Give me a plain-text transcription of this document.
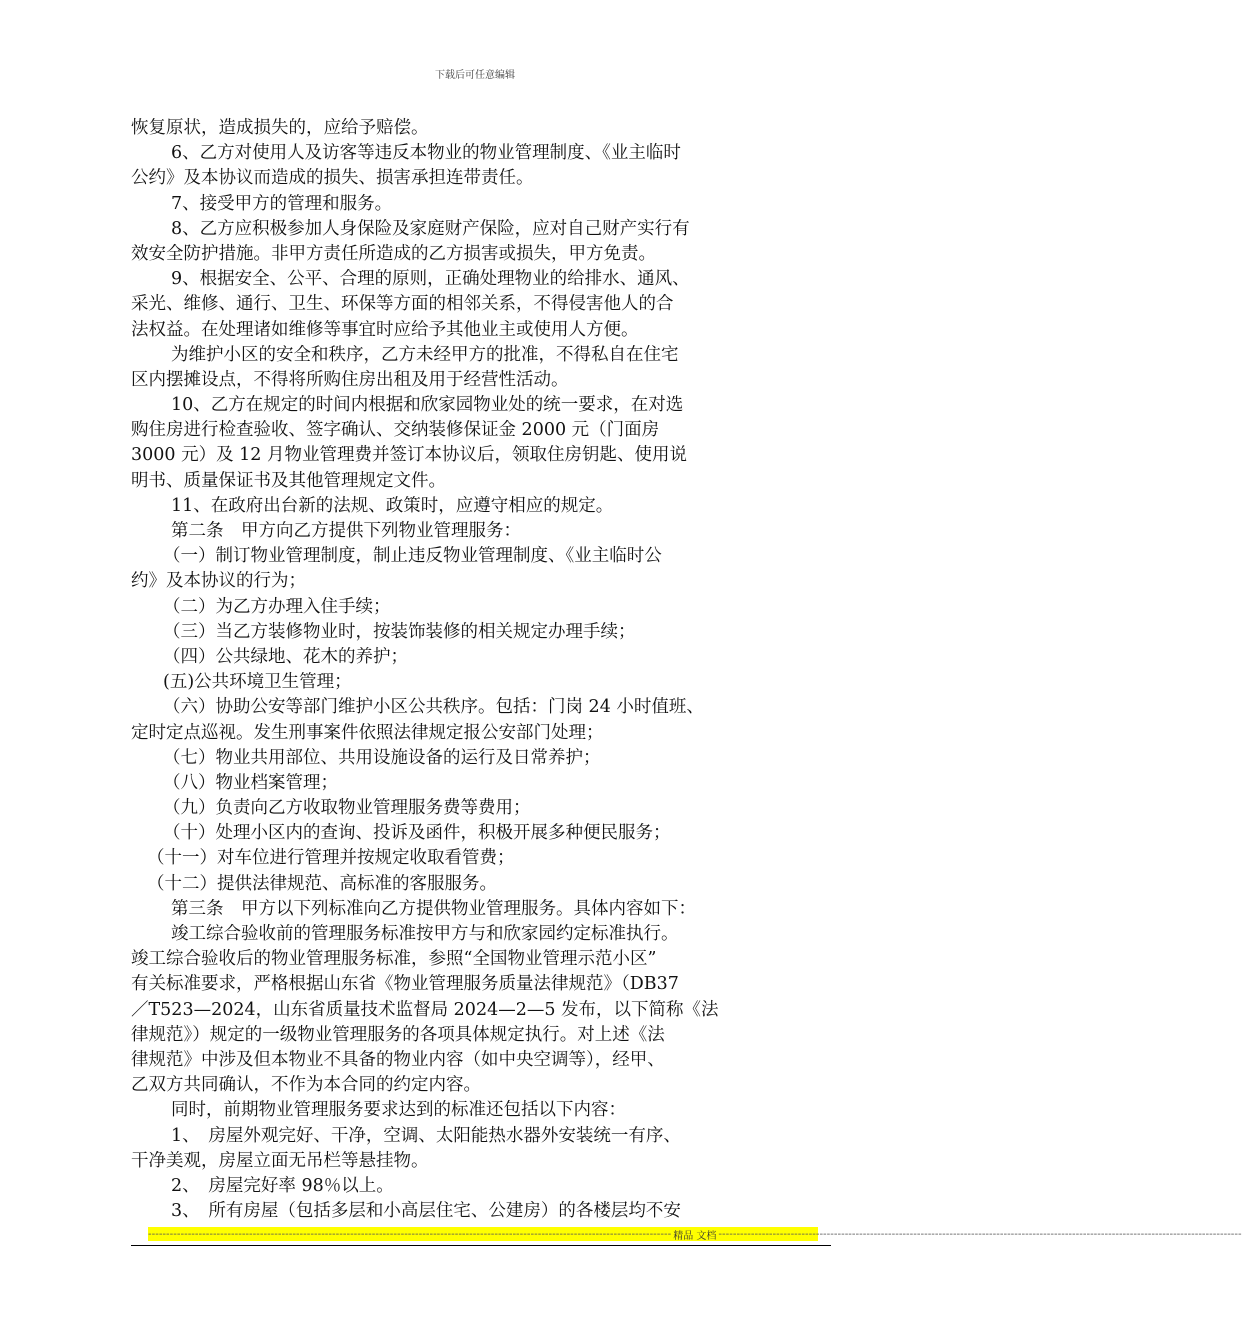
下载后可任意编辑
恢复原状，造成损失的，应给予赔偿。
6、乙方对使用人及访客等违反本物业的物业管理制度、《业主临时
公约》及本协议而造成的损失、损害承担连带责任。
7、接受甲方的管理和服务。
8、乙方应积极参加人身保险及家庭财产保险，应对自己财产实行有
效安全防护措施。非甲方责任所造成的乙方损害或损失，甲方免责。
9、根据安全、公平、合理的原则，正确处理物业的给排水、通风、
采光、维修、通行、卫生、环保等方面的相邻关系，不得侵害他人的合
法权益。在处理诸如维修等事宜时应给予其他业主或使用人方便。
为维护小区的安全和秩序，乙方未经甲方的批准，不得私自在住宅
区内摆摊设点，不得将所购住房出租及用于经营性活动。
10、乙方在规定的时间内根据和欣家园物业处的统一要求，在对选
购住房进行检查验收、签字确认、交纳装修保证金 2000 元（门面房
3000 元）及 12 月物业管理费并签订本协议后，领取住房钥匙、使用说
明书、质量保证书及其他管理规定文件。
11、在政府出台新的法规、政策时，应遵守相应的规定。
第二条　甲方向乙方提供下列物业管理服务：
（一）制订物业管理制度，制止违反物业管理制度、《业主临时公
约》及本协议的行为；
（二）为乙方办理入住手续；
（三）当乙方装修物业时，按装饰装修的相关规定办理手续；
（四）公共绿地、花木的养护；
(五)公共环境卫生管理；
（六）协助公安等部门维护小区公共秩序。包括：门岗 24 小时值班、
定时定点巡视。发生刑事案件依照法律规定报公安部门处理；
（七）物业共用部位、共用设施设备的运行及日常养护；
（八）物业档案管理；
（九）负责向乙方收取物业管理服务费等费用；
（十）处理小区内的查询、投诉及函件，积极开展多种便民服务；
（十一）对车位进行管理并按规定收取看管费；
（十二）提供法律规范、高标准的客服服务。
第三条　甲方以下列标准向乙方提供物业管理服务。具体内容如下：
竣工综合验收前的管理服务标准按甲方与和欣家园约定标准执行。
竣工综合验收后的物业管理服务标准，参照“全国物业管理示范小区”
有关标准要求，严格根据山东省《物业管理服务质量法律规范》（DB37
／T523—2024，山东省质量技术监督局 2024—2—5 发布，以下简称《法
律规范》）规定的一级物业管理服务的各项具体规定执行。对上述《法
律规范》中涉及但本物业不具备的物业内容（如中央空调等），经甲、
乙双方共同确认，不作为本合同的约定内容。
同时，前期物业管理服务要求达到的标准还包括以下内容：
1、　房屋外观完好、干净，空调、太阳能热水器外安装统一有序、
干净美观，房屋立面无吊栏等悬挂物。
2、　房屋完好率 98％以上。
3、　所有房屋（包括多层和小高层住宅、公建房）的各楼层均不安
------------------------------------------------------------------------------------------------------------------------------------------------- 精品 文档 -------------------------------------------------------------------------------------------------------------------------------------------------
